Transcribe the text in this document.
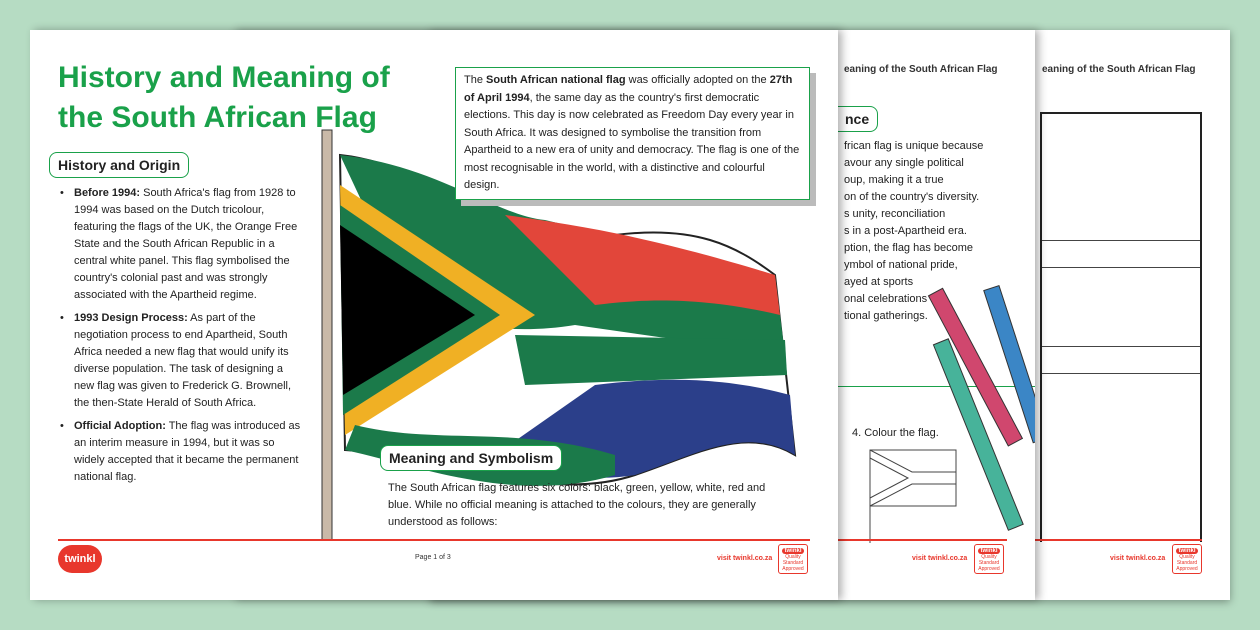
eaning of the South African Flag
visit twinkl.co.za
twinkl
Quality Standard Approved
eaning of the South African Flag
nce
frican flag is unique because
avour any single political
oup, making it a true
on of the country's diversity.
s unity, reconciliation
s in a post-Apartheid era.
ption, the flag has become
ymbol of national pride,
ayed at sports
onal celebrations
tional gatherings.
4. Colour the flag.
visit twinkl.co.za
twinkl
Quality Standard Approved
The South African national flag was officially adopted on the 27th of April 1994, the same day as the country's first democratic elections. This day is now celebrated as Freedom Day every year in South Africa. It was designed to symbolise the transition from Apartheid to a new era of unity and democracy. The flag is one of the most recognisable in the world, with a distinctive and colourful design.
History and Meaning of the South African Flag
History and Origin
• Before 1994: South Africa's flag from 1928 to 1994 was based on the Dutch tricolour, featuring the flags of the UK, the Orange Free State and the South African Republic in a central white panel. This flag symbolised the country's colonial past and was strongly associated with the Apartheid regime.
• 1993 Design Process: As part of the negotiation process to end Apartheid, South Africa needed a new flag that would unify its diverse population. The task of designing a new flag was given to Frederick G. Brownell, the then-State Herald of South Africa.
• Official Adoption: The flag was introduced as an interim measure in 1994, but it was so widely accepted that it became the permanent national flag.
Meaning and Symbolism
The South African flag features six colors: black, green, yellow, white, red and blue. While no official meaning is attached to the colours, they are generally understood as follows:
twinkl	Page 1 of 3	visit twinkl.co.za
twinkl
Quality Standard Approved
